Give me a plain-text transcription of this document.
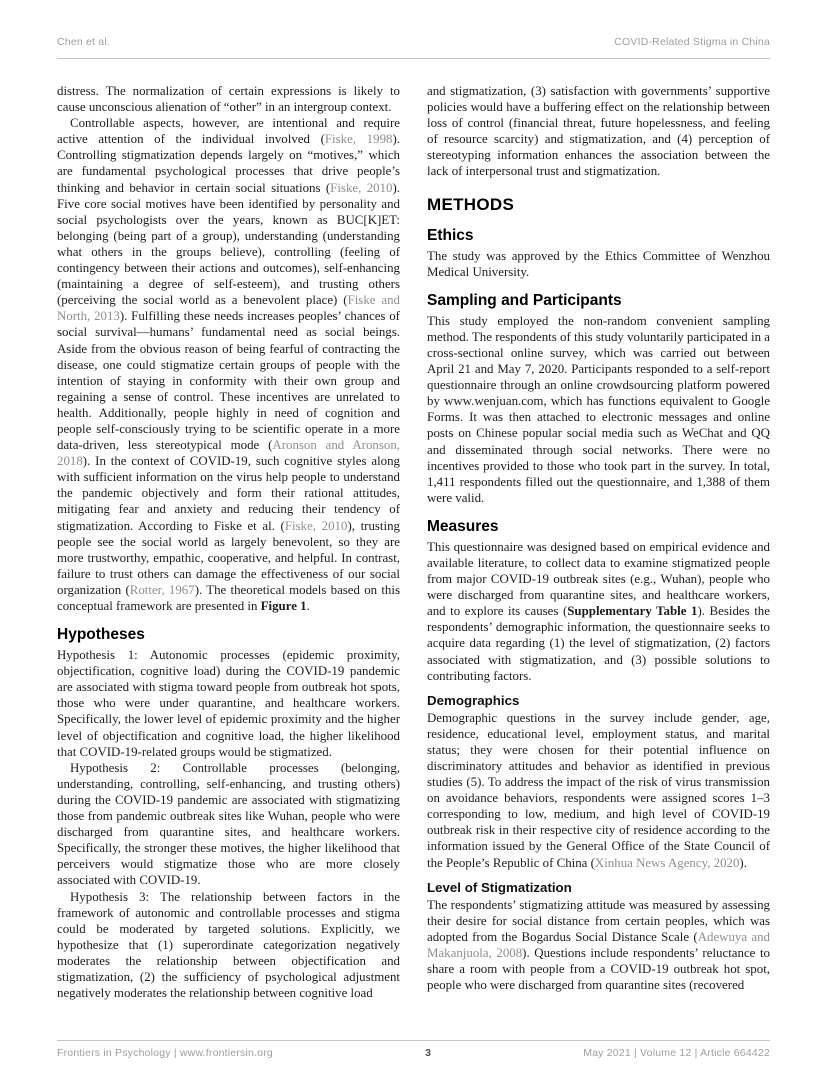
Chen et al.	COVID-Related Stigma in China

distress. The normalization of certain expressions is likely to cause unconscious alienation of “other” in an intergroup context.

Controllable aspects, however, are intentional and require active attention of the individual involved (Fiske, 1998). Controlling stigmatization depends largely on “motives,” which are fundamental psychological processes that drive people’s thinking and behavior in certain social situations (Fiske, 2010). Five core social motives have been identified by personality and social psychologists over the years, known as BUC[K]ET: belonging (being part of a group), understanding (understanding what others in the groups believe), controlling (feeling of contingency between their actions and outcomes), self-enhancing (maintaining a degree of self-esteem), and trusting others (perceiving the social world as a benevolent place) (Fiske and North, 2013). Fulfilling these needs increases peoples’ chances of social survival—humans’ fundamental need as social beings. Aside from the obvious reason of being fearful of contracting the disease, one could stigmatize certain groups of people with the intention of staying in conformity with their own group and regaining a sense of control. These incentives are unrelated to health. Additionally, people highly in need of cognition and people self-consciously trying to be scientific operate in a more data-driven, less stereotypical mode (Aronson and Aronson, 2018). In the context of COVID-19, such cognitive styles along with sufficient information on the virus help people to understand the pandemic objectively and form their rational attitudes, mitigating fear and anxiety and reducing their tendency of stigmatization. According to Fiske et al. (Fiske, 2010), trusting people see the social world as largely benevolent, so they are more trustworthy, empathic, cooperative, and helpful. In contrast, failure to trust others can damage the effectiveness of our social organization (Rotter, 1967). The theoretical models based on this conceptual framework are presented in Figure 1.

Hypotheses

Hypothesis 1: Autonomic processes (epidemic proximity, objectification, cognitive load) during the COVID-19 pandemic are associated with stigma toward people from outbreak hot spots, those who were under quarantine, and healthcare workers. Specifically, the lower level of epidemic proximity and the higher level of objectification and cognitive load, the higher likelihood that COVID-19-related groups would be stigmatized.

Hypothesis 2: Controllable processes (belonging, understanding, controlling, self-enhancing, and trusting others) during the COVID-19 pandemic are associated with stigmatizing those from pandemic outbreak sites like Wuhan, people who were discharged from quarantine sites, and healthcare workers. Specifically, the stronger these motives, the higher likelihood that perceivers would stigmatize those who are more closely associated with COVID-19.

Hypothesis 3: The relationship between factors in the framework of autonomic and controllable processes and stigma could be moderated by targeted solutions. Explicitly, we hypothesize that (1) superordinate categorization negatively moderates the relationship between objectification and stigmatization, (2) the sufficiency of psychological adjustment negatively moderates the relationship between cognitive load

and stigmatization, (3) satisfaction with governments’ supportive policies would have a buffering effect on the relationship between loss of control (financial threat, future hopelessness, and feeling of resource scarcity) and stigmatization, and (4) perception of stereotyping information enhances the association between the lack of interpersonal trust and stigmatization.

METHODS
Ethics

The study was approved by the Ethics Committee of Wenzhou Medical University.

Sampling and Participants

This study employed the non-random convenient sampling method. The respondents of this study voluntarily participated in a cross-sectional online survey, which was carried out between April 21 and May 7, 2020. Participants responded to a self-report questionnaire through an online crowdsourcing platform powered by www.wenjuan.com, which has functions equivalent to Google Forms. It was then attached to electronic messages and online posts on Chinese popular social media such as WeChat and QQ and disseminated through social networks. There were no incentives provided to those who took part in the survey. In total, 1,411 respondents filled out the questionnaire, and 1,388 of them were valid.

Measures

This questionnaire was designed based on empirical evidence and available literature, to collect data to examine stigmatized people from major COVID-19 outbreak sites (e.g., Wuhan), people who were discharged from quarantine sites, and healthcare workers, and to explore its causes (Supplementary Table 1). Besides the respondents’ demographic information, the questionnaire seeks to acquire data regarding (1) the level of stigmatization, (2) factors associated with stigmatization, and (3) possible solutions to contributing factors.

Demographics

Demographic questions in the survey include gender, age, residence, educational level, employment status, and marital status; they were chosen for their potential influence on discriminatory attitudes and behavior as identified in previous studies (5). To address the impact of the risk of virus transmission on avoidance behaviors, respondents were assigned scores 1–3 corresponding to low, medium, and high level of COVID-19 outbreak risk in their respective city of residence according to the information issued by the General Office of the State Council of the People’s Republic of China (Xinhua News Agency, 2020).

Level of Stigmatization

The respondents’ stigmatizing attitude was measured by assessing their desire for social distance from certain peoples, which was adopted from the Bogardus Social Distance Scale (Adewuya and Makanjuola, 2008). Questions include respondents’ reluctance to share a room with people from a COVID-19 outbreak hot spot, people who were discharged from quarantine sites (recovered

Frontiers in Psychology | www.frontiersin.org	3	May 2021 | Volume 12 | Article 664422
